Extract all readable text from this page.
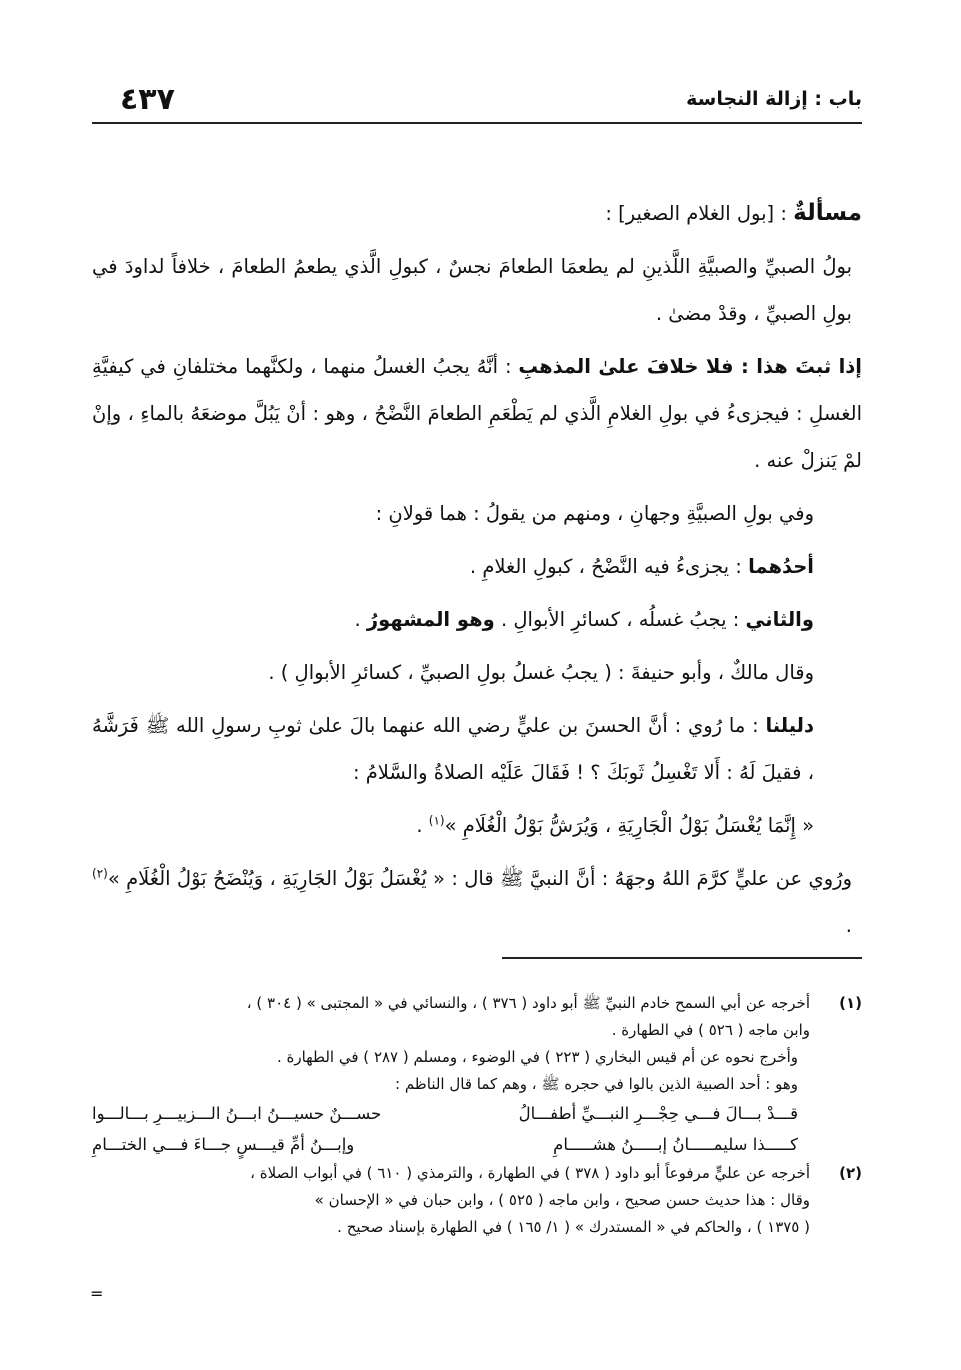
باب : إزالة النجاسة
٤٣٧

مسألةٌ : [بول الغلام الصغير] :

بولُ الصبيِّ والصبيَّةِ اللَّذينِ لم يطعمَا الطعامَ نجسٌ ، كبولِ الَّذي يطعمُ الطعامَ ، خلافاً لداودَ في بولِ الصبيِّ ، وقدْ مضىٰ .

إذا ثبتَ هذا : فلا خلافَ علىٰ المذهبِ : أنَّهُ يجبُ الغسلُ منهما ، ولكنَّهما مختلفانِ في كيفيَّةِ الغسلِ : فيجزىءُ في بولِ الغلامِ الَّذي لم يَطْعَمِ الطعامَ النَّضْحُ ، وهو : أنْ يَبُلَّ موضعَهُ بالماءِ ، وإنْ لمْ يَنزلْ عنه .

وفي بولِ الصبيَّةِ وجهانِ ، ومنهم من يقولُ : هما قولانِ :

أحدُهما : يجزىءُ فيه النَّضْحُ ، كبولِ الغلامِ .

والثاني : يجبُ غسلُه ، كسائرِ الأبوالِ . وهو المشهورُ .

وقال مالكٌ ، وأبو حنيفةَ : ( يجبُ غسلُ بولِ الصبيِّ ، كسائرِ الأبوالِ ) .

دليلنا : ما رُوي : أنَّ الحسنَ بن عليٍّ رضي الله عنهما بالَ علىٰ ثوبِ رسولِ الله ﷺ فَرَشَّهُ ، فقيلَ لَهُ : أَلا تَغْسِلُ ثَوبَكَ ؟ ! فَقَالَ عَلَيْه الصلاةُ والسَّلامُ :

« إِنَّمَا يُغْسَلُ بَوْلُ الْجَارِيَةِ ، وَيُرَشُّ بَوْلُ الْغُلَامِ »$^{(١)}$ .

ورُوي عن عليٍّ كرَّمَ اللهُ وجهَهُ : أنَّ النبيَّ ﷺ قال : « يُغْسَلُ بَوْلُ الجَارِيَةِ ، وَيُنْضَحُ بَوْلُ الْغُلَامِ »$^{(٢)}$ .

(١)

أخرجه عن أبي السمح خادم النبيِّ ﷺ أبو داود ( ٣٧٦ ) ، والنسائي في « المجتبى » ( ٣٠٤ ) ،

وابن ماجه ( ٥٢٦ ) في الطهارة .

وأخرج نحوه عن أم قيس البخاري ( ٢٢٣ ) في الوضوء ، ومسلم ( ٢٨٧ ) في الطهارة .

وهو : أحد الصبية الذين بالوا في حجره ﷺ ، وهم كما قال الناظم :

قـــدْ بـــالَ فـــي حِجْـــرِ النبـــيِّ أطفـــالُ
حســـنٌ حسيـــنُ ابـــنُ الـــزبيـــرِ بـــالـــوا
كـــــذا سليمـــــانُ إبـــــنُ هشـــــامِ
وإبـــنُ أمِّ قيـــسٍ جـــاءَ فـــي الختـــامِ
(٢)

أخرجه عن عليٍّ مرفوعاً أبو داود ( ٣٧٨ ) في الطهارة ، والترمذي ( ٦١٠ ) في أبواب الصلاة ،

وقال : هذا حديث حسن صحيح ، وابن ماجه ( ٥٢٥ ) ، وابن حبان في « الإحسان »

( ١٣٧٥ ) ، والحاكم في « المستدرك » ( ١/ ١٦٥ ) في الطهارة بإسناد صحيح .

=
